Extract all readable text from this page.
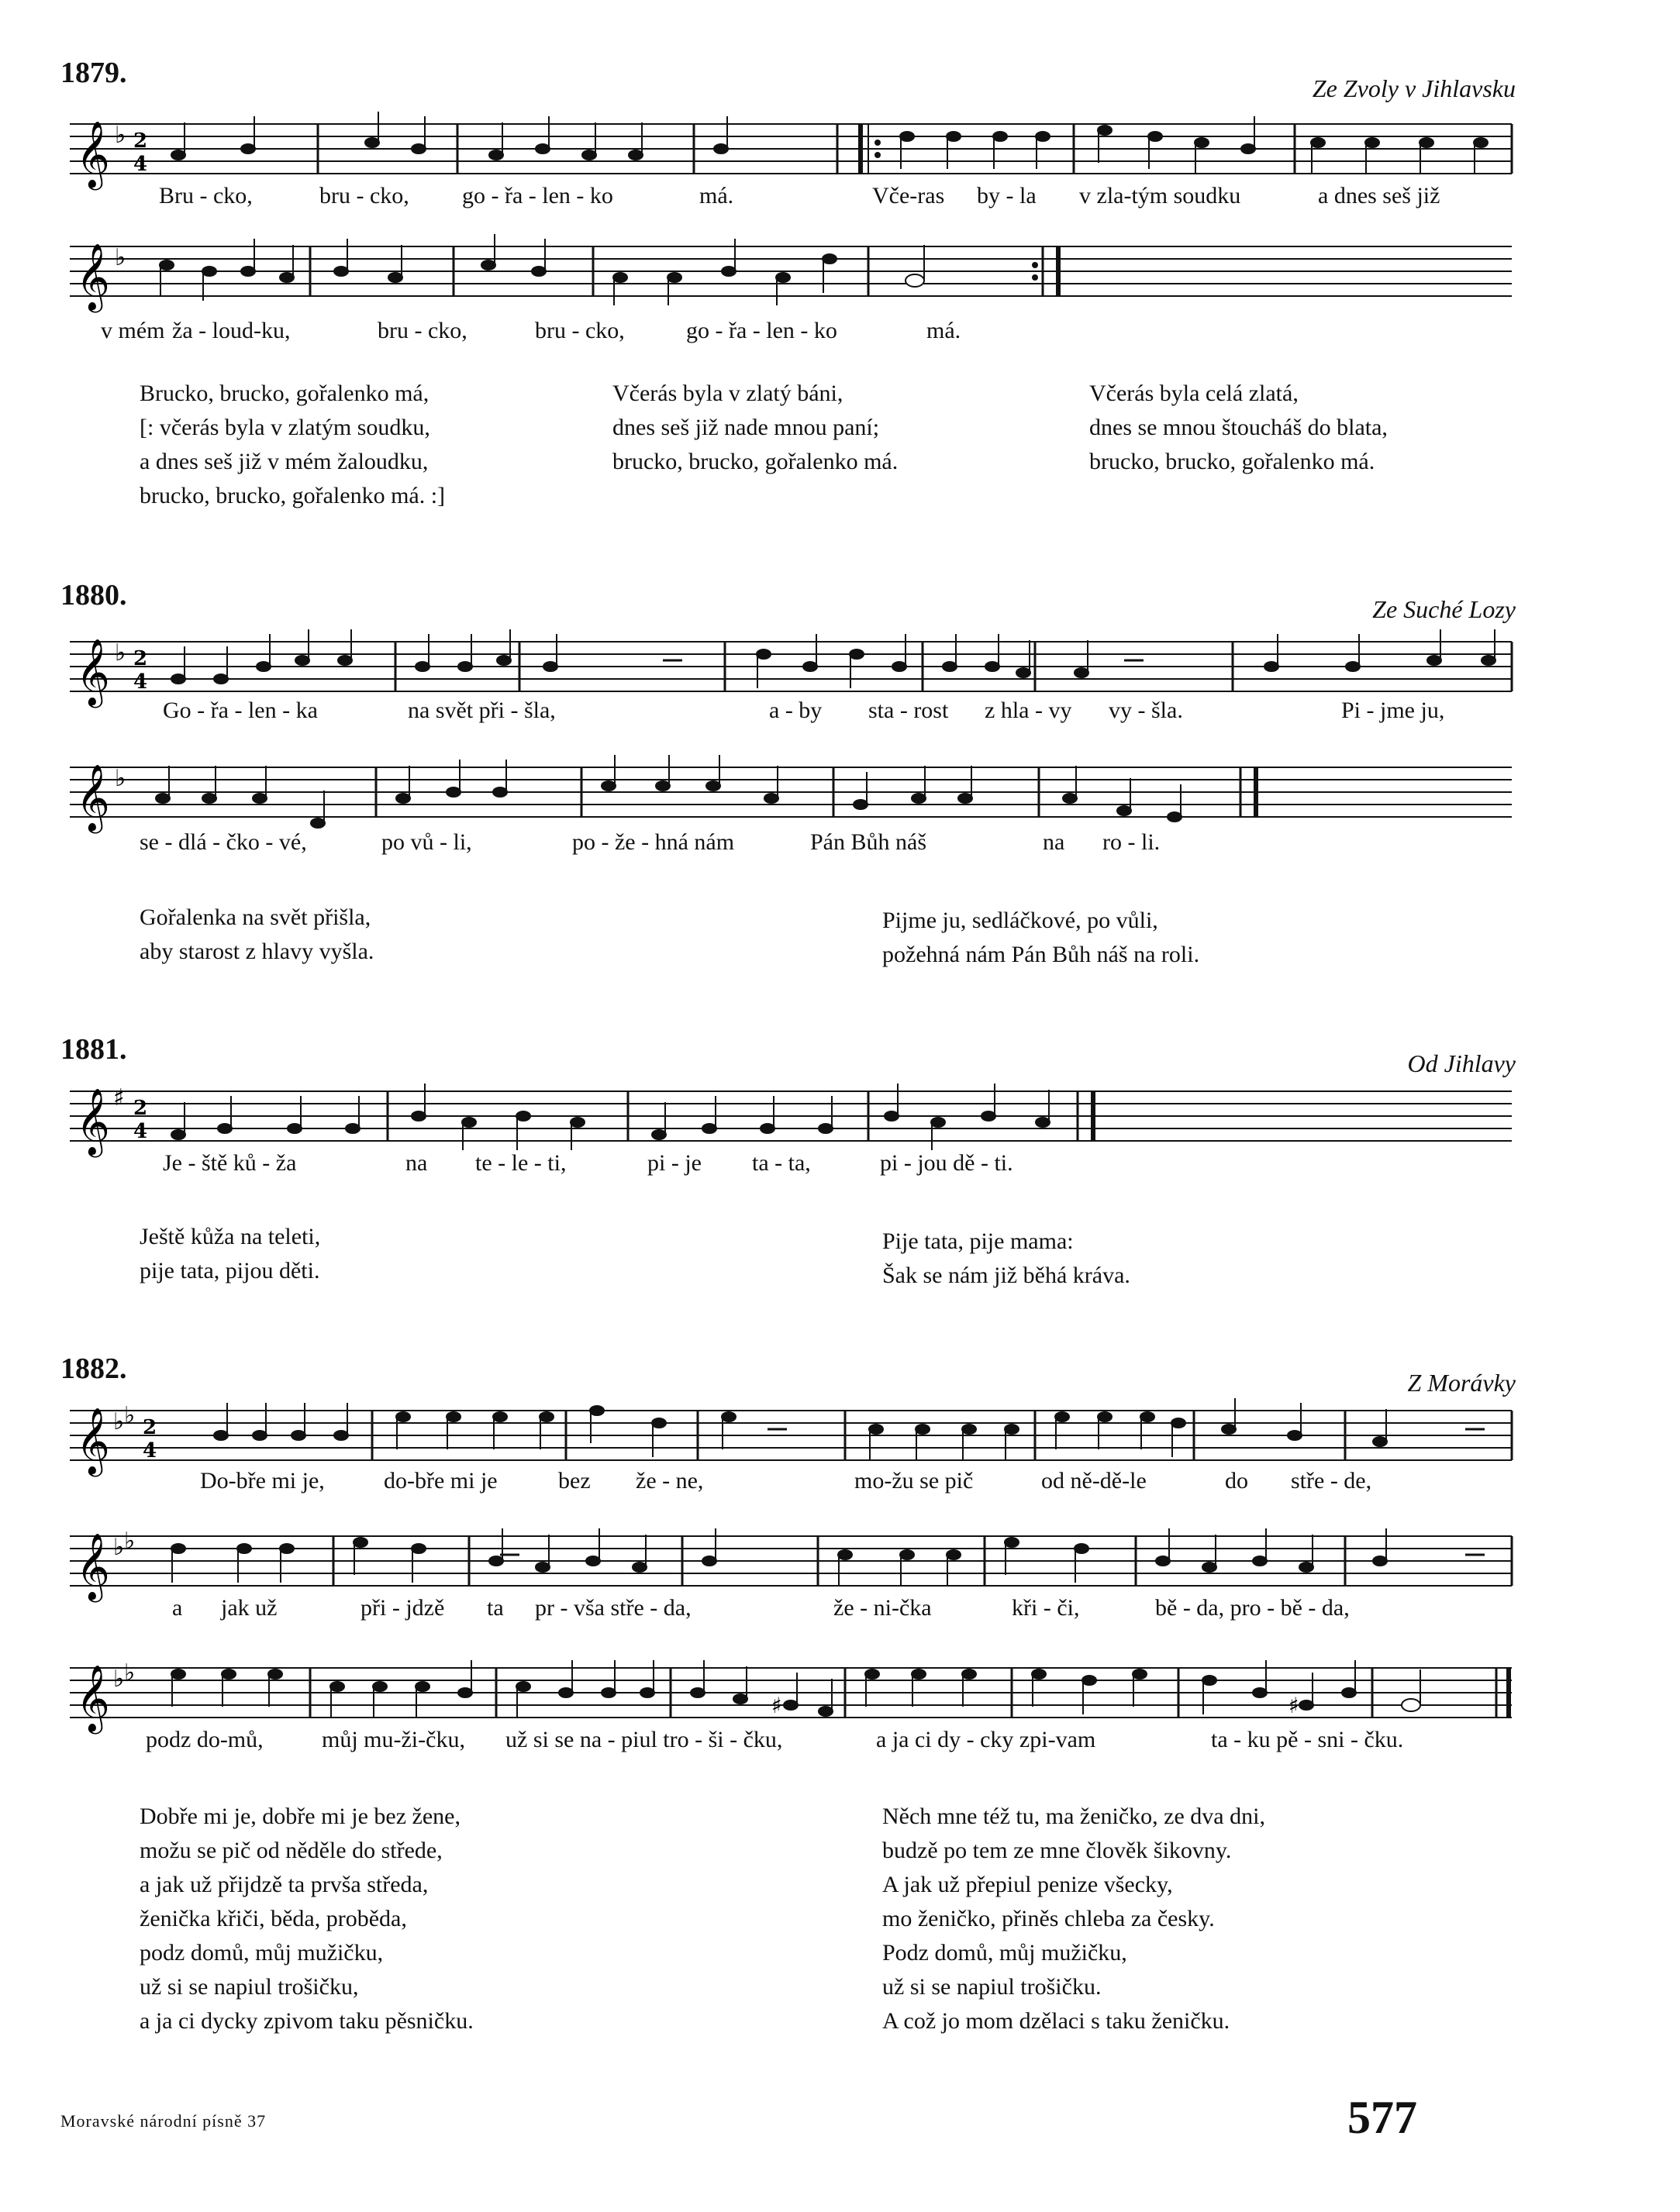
1879.	Ze Zvoly v Jihlavsku
𝄞 ♭ 2
4
Bru - cko,	bru - cko, go - řa - len - ko	má.	Vče-ras by - la v zla-tým soudku	a dnes seš již
𝄞 ♭
v mém ža - loud-ku,	bru - cko,	bru - cko,	go - řa - len - ko	má.
Brucko, brucko, gořalenko má,
[: včerás byla v zlatým soudku,
a dnes seš již v mém žaloudku,
brucko, brucko, gořalenko má. :]
Včerás byla v zlatý báni,
dnes seš již nade mnou paní;
brucko, brucko, gořalenko má.
Včerás byla celá zlatá,
dnes se mnou štoucháš do blata,
brucko, brucko, gořalenko má.
1880.	Ze Suché Lozy
𝄞 ♭ 2
4
Go - řa - len - ka	na svět při - šla,	a - by sta - rost z hla - vy vy - šla.	Pi - jme ju,
𝄞 ♭
se - dlá - čko - vé,	po vů - li,	po - že - hná nám	Pán Bůh náš	na ro - li.
Gořalenka na svět přišla,
aby starost z hlavy vyšla.
Pijme ju, sedláčkové, po vůli,
požehná nám Pán Bůh náš na roli.
1881.	Od Jihlavy
𝄞 ♯ 2
4
Je - ště ků - ža	na te - le - ti,	pi - je ta - ta,	pi - jou dě - ti.
Ještě kůža na teleti,
pije tata, pijou děti.
Pije tata, pije mama:
Šak se nám již běhá kráva.
1882.	Z Morávky
𝄞 ♭ ♭ 2
4
Do-bře mi je,	do-bře mi je	bez že - ne,	mo-žu se pič	od ně-dě-le	do stře - de,
𝄞 ♭ ♭
a jak už	při - jdzě ta pr - vša stře - da,	že - ni-čka	kři - či,	bě - da, pro - bě - da,
𝄞 ♭ ♭
♯	♯
podz do-mů,	můj mu-ži-čku, už si se na - piul tro - ši - čku,	a ja ci dy - cky zpi-vam	ta - ku pě - sni - čku.
Dobře mi je, dobře mi je bez žene,
možu se pič od něděle do střede,
a jak už přijdzě ta prvša středa,
ženička křiči, běda, proběda,
podz domů, můj mužičku,
už si se napiul trošičku,
a ja ci dycky zpivom taku pěsničku.
Něch mne též tu, ma ženičko, ze dva dni,
budzě po tem ze mne člověk šikovny.
A jak už přepiul penize všecky,
mo ženičko, přiněs chleba za česky.
Podz domů, můj mužičku,
už si se napiul trošičku.
A což jo mom dzělaci s taku ženičku.
Moravské národní písně 37	577
